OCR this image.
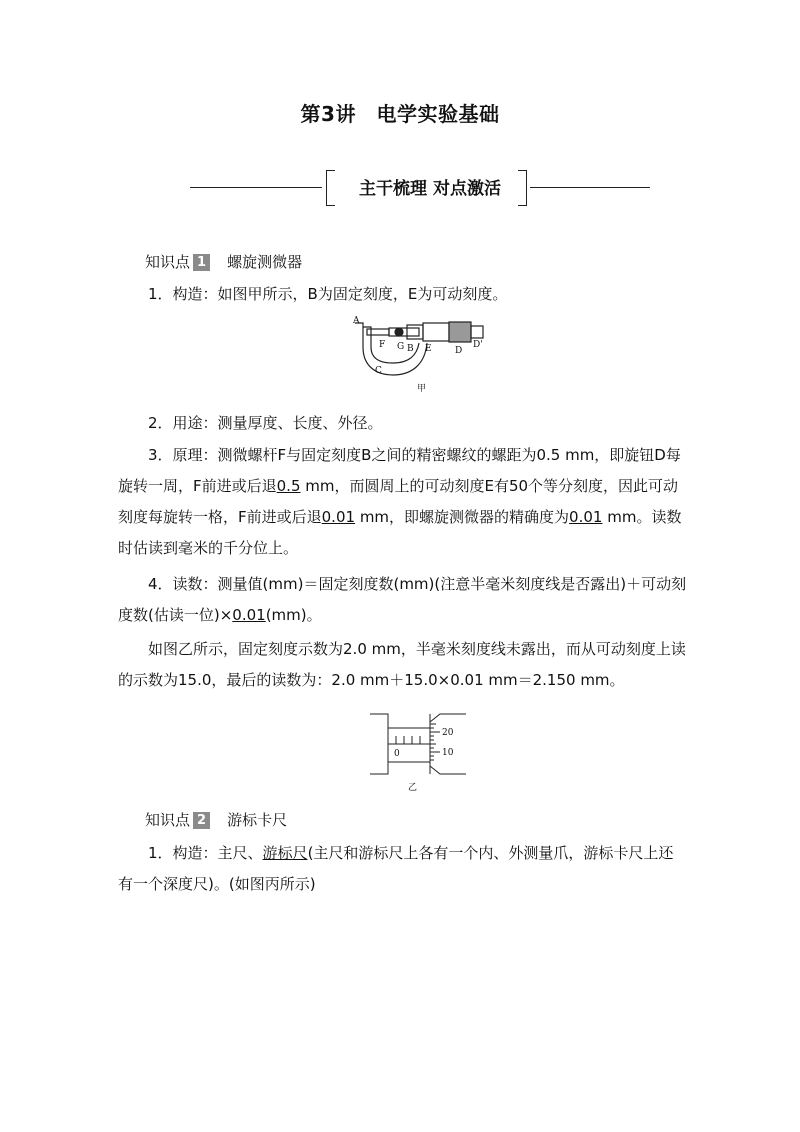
第3讲　电学实验基础
主干梳理 对点激活
知识点 1 螺旋测微器
1．构造：如图甲所示，B为固定刻度，E为可动刻度。
A
F G B E	D
D'
C
甲
2．用途：测量厚度、长度、外径。
3．原理：测微螺杆F与固定刻度B之间的精密螺纹的螺距为0.5 mm，即旋钮D每旋转一周，F前进或后退0.5 mm，而圆周上的可动刻度E有50个等分刻度，因此可动刻度每旋转一格，F前进或后退0.01 mm，即螺旋测微器的精确度为0.01 mm。读数时估读到毫米的千分位上。
4．读数：测量值(mm)＝固定刻度数(mm)(注意半毫米刻度线是否露出)＋可动刻度数(估读一位)×0.01(mm)。
如图乙所示，固定刻度示数为2.0 mm，半毫米刻度线未露出，而从可动刻度上读的示数为15.0，最后的读数为：2.0 mm＋15.0×0.01 mm＝2.150 mm。
20
10
0
乙
知识点 2 游标卡尺
1．构造：主尺、游标尺(主尺和游标尺上各有一个内、外测量爪，游标卡尺上还有一个深度尺)。(如图丙所示)
